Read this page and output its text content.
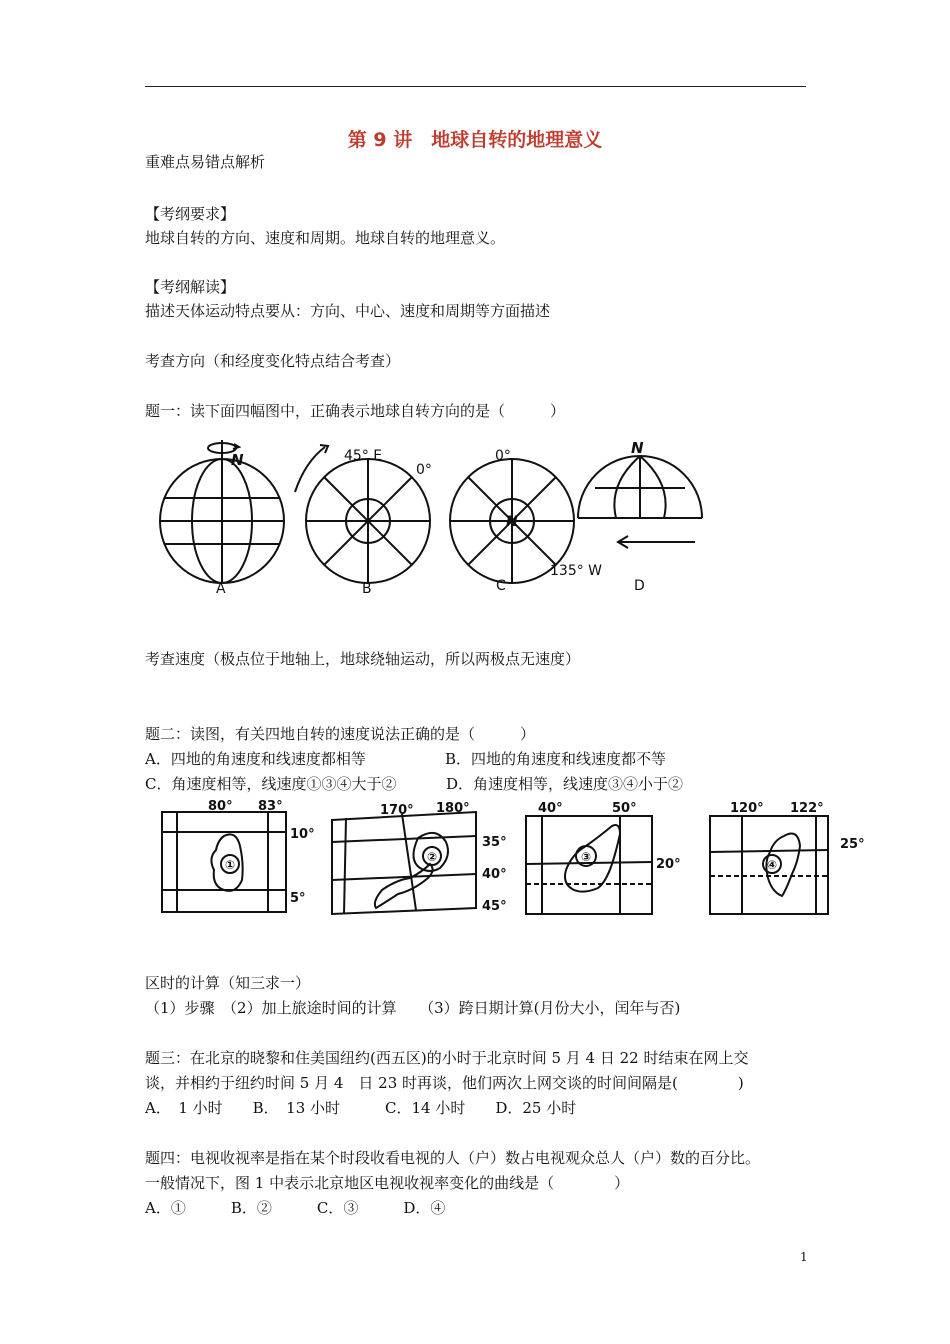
第 9 讲　地球自转的地理意义
重难点易错点解析
【考纲要求】
地球自转的方向、速度和周期。地球自转的地理意义。
【考纲解读】
描述天体运动特点要从：方向、中心、速度和周期等方面描述
考查方向（和经度变化特点结合考查）
题一：读下面四幅图中，正确表示地球自转方向的是（　　　）
N	45° E
0°
0°
N
N
135° W
A	B	C	D
考查速度（极点位于地轴上，地球绕轴运动，所以两极点无速度）
题二：读图，有关四地自转的速度说法正确的是（　　　）
A．四地的角速度和线速度都相等	B．四地的角速度和线速度都不等
C．角速度相等，线速度①③④大于②	D．角速度相等，线速度③④小于②
80° 83°
10°
5°
①
170° 180°
35°
40°
45°
②
40°	50°
20°
③
120° 122°
25°
④
区时的计算（知三求一）
（1）步骤　（2）加上旅途时间的计算　　（3）跨日期计算(月份大小，闰年与否)
题三：在北京的晓黎和住美国纽约(西五区)的小时于北京时间 5 月 4 日 22 时结束在网上交
谈，并相约于纽约时间 5 月 4　日 23 时再谈，他们两次上网交谈的时间间隔是(　　　　)
A．　1 小时　　B．　13 小时　　　C．14 小时　　D．25 小时
题四：电视收视率是指在某个时段收看电视的人（户）数占电视观众总人（户）数的百分比。
一般情况下，图 1 中表示北京地区电视收视率变化的曲线是（　　　　）
A．①　　　B．②　　　C．③　　　D．④
1
